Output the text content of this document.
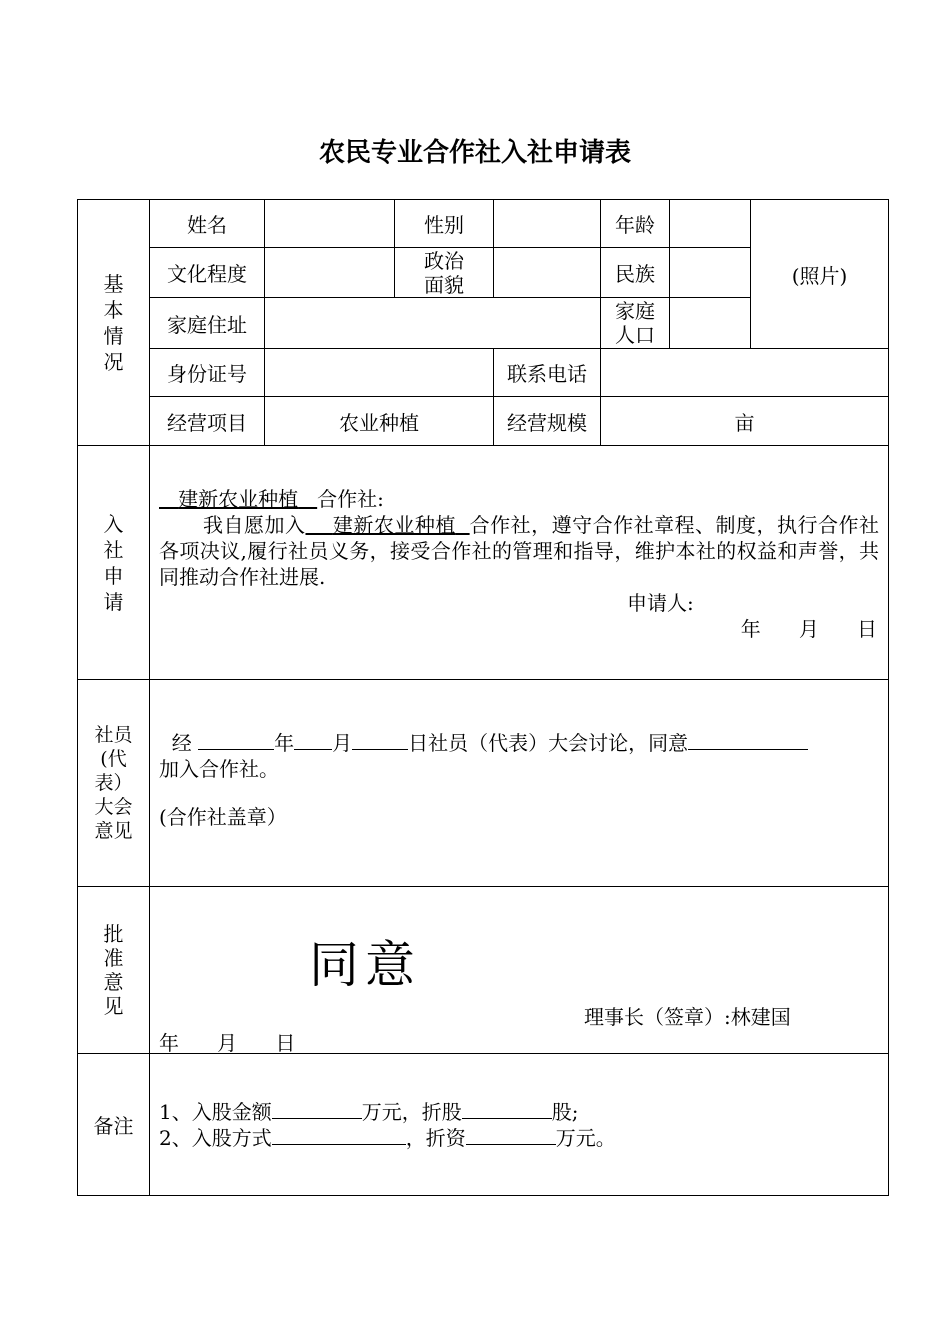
农民专业合作社入社申请表
基本情况	姓名		性别		年龄		(照片)
	文化程度		政治面貌		民族		
	家庭住址				家庭人口		

	身份证号			联系电话			
	经营项目	农业种植		经营规模	亩		

入社申请	建新农业种植 合作社:
我自愿加入 建新农业种植 合作社，遵守合作社章程、制度，执行合作社各项决议,履行社员义务，接受合作社的管理和指导，维护本社的权益和声誉，共同推动合作社进展.
申请人:
年 月 日						

社员(代表）大会意见	经 年 月 日社员（代表）大会讨论，同意
加入合作社。
(合作社盖章）						

批准意见	同意
理事长（签章）:林建国
年 月 日						

备注	1、入股金额 万元，折股 股;
2、入股方式 ，折资 万元。						
